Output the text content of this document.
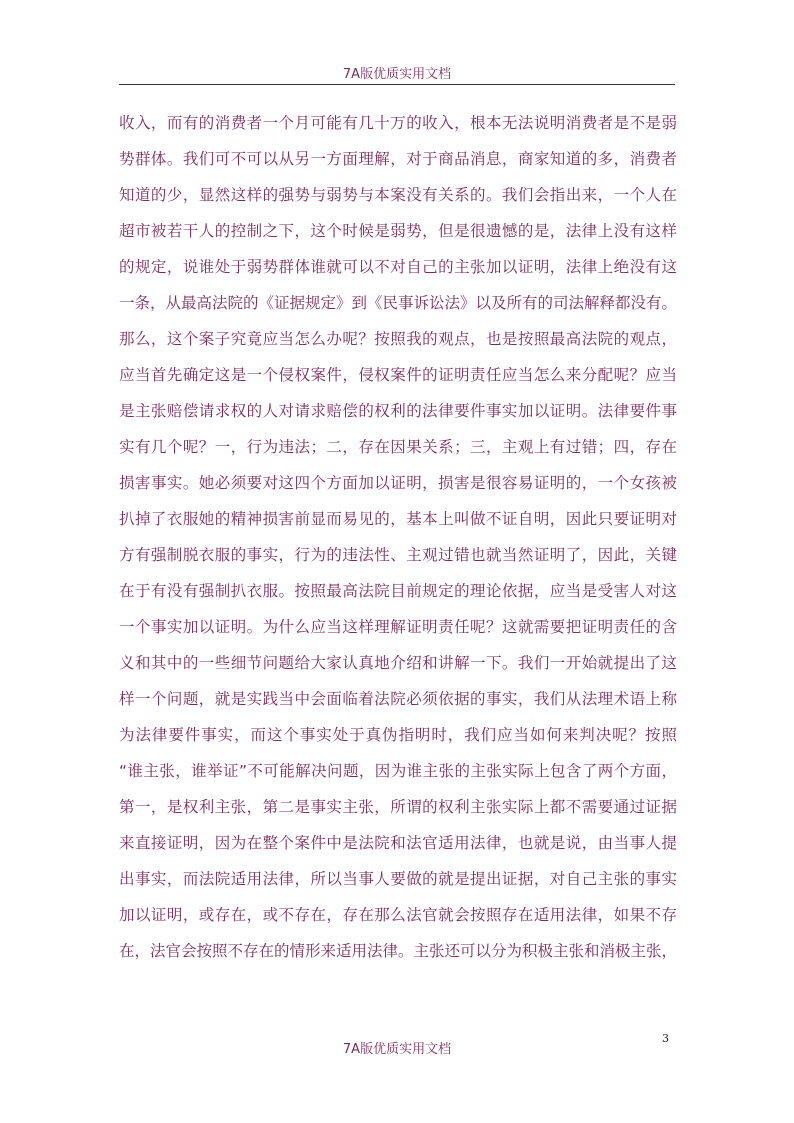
7A版优质实用文档
收入，而有的消费者一个月可能有几十万的收入，根本无法说明消费者是不是弱
势群体。我们可不可以从另一方面理解，对于商品消息，商家知道的多，消费者
知道的少，显然这样的强势与弱势与本案没有关系的。我们会指出来，一个人在
超市被若干人的控制之下，这个时候是弱势，但是很遗憾的是，法律上没有这样
的规定，说谁处于弱势群体谁就可以不对自己的主张加以证明，法律上绝没有这
一条，从最高法院的《证据规定》到《民事诉讼法》以及所有的司法解释都没有。
那么，这个案子究竟应当怎么办呢？按照我的观点，也是按照最高法院的观点，
应当首先确定这是一个侵权案件，侵权案件的证明责任应当怎么来分配呢？应当
是主张赔偿请求权的人对请求赔偿的权利的法律要件事实加以证明。法律要件事
实有几个呢？一，行为违法；二，存在因果关系；三，主观上有过错；四，存在
损害事实。她必须要对这四个方面加以证明，损害是很容易证明的，一个女孩被
扒掉了衣服她的精神损害前显而易见的，基本上叫做不证自明，因此只要证明对
方有强制脱衣服的事实，行为的违法性、主观过错也就当然证明了，因此，关键
在于有没有强制扒衣服。按照最高法院目前规定的理论依据，应当是受害人对这
一个事实加以证明。为什么应当这样理解证明责任呢？这就需要把证明责任的含
义和其中的一些细节问题给大家认真地介绍和讲解一下。我们一开始就提出了这
样一个问题，就是实践当中会面临着法院必须依据的事实，我们从法理术语上称
为法律要件事实，而这个事实处于真伪指明时，我们应当如何来判决呢？按照
“谁主张，谁举证”不可能解决问题，因为谁主张的主张实际上包含了两个方面，
第一，是权利主张，第二是事实主张，所谓的权利主张实际上都不需要通过证据
来直接证明，因为在整个案件中是法院和法官适用法律，也就是说，由当事人提
出事实，而法院适用法律，所以当事人要做的就是提出证据，对自己主张的事实
加以证明，或存在，或不存在，存在那么法官就会按照存在适用法律，如果不存
在，法官会按照不存在的情形来适用法律。主张还可以分为积极主张和消极主张，
3
7A版优质实用文档
